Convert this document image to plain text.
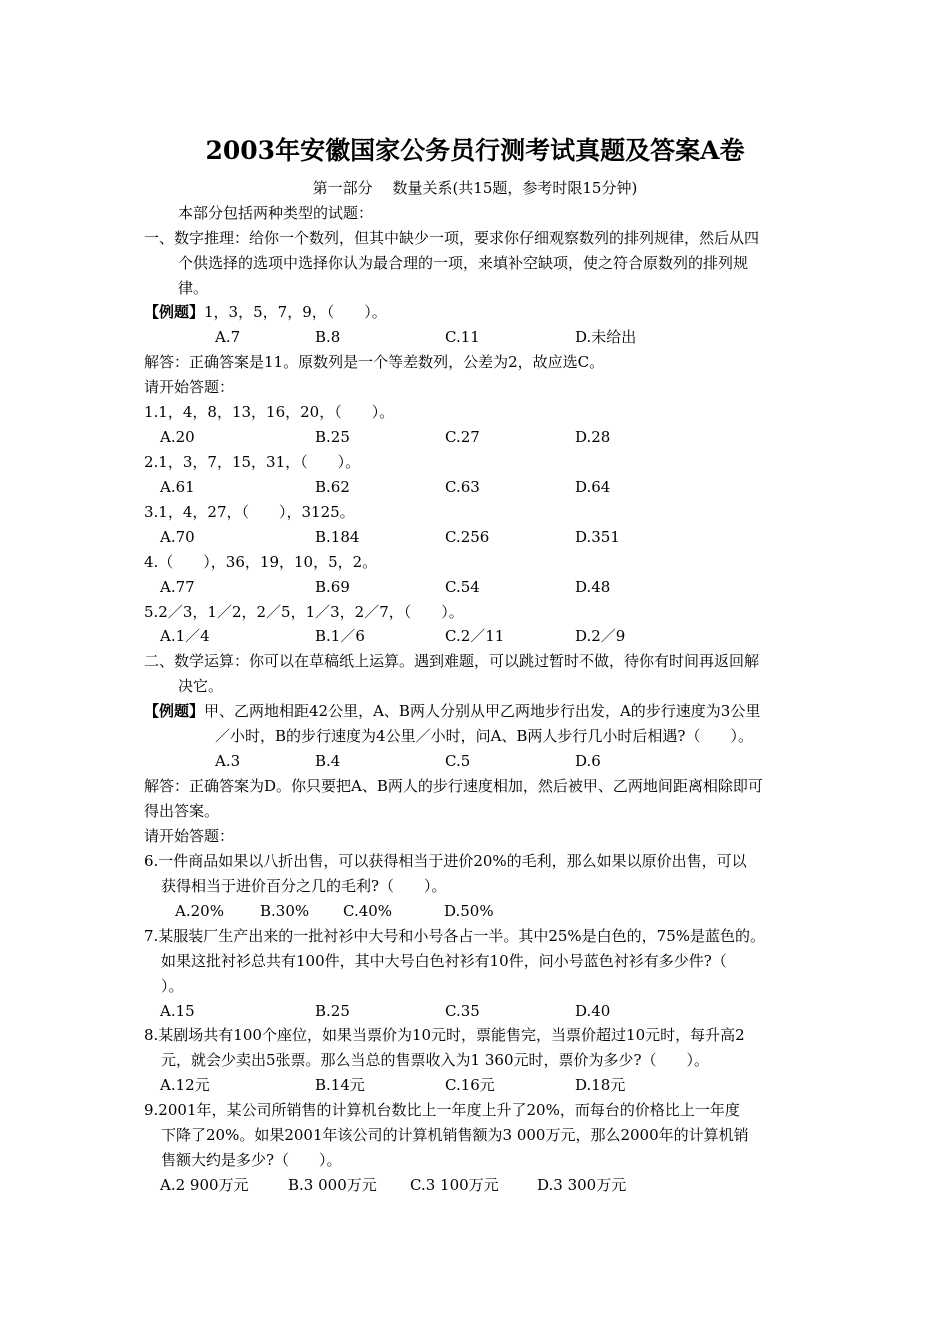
2003年安徽国家公务员行测考试真题及答案A卷
第一部分　 数量关系(共15题，参考时限15分钟)
本部分包括两种类型的试题：
一、数字推理：给你一个数列，但其中缺少一项，要求你仔细观察数列的排列规律，然后从四
个供选择的选项中选择你认为最合理的一项，来填补空缺项，使之符合原数列的排列规
律。
【例题】1，3，5，7，9，（　　）。
A.7	B.8	C.11	D.未给出
解答：正确答案是11。原数列是一个等差数列，公差为2，故应选C。
请开始答题：
1.1，4，8，13，16，20，（　　）。
A.20	B.25	C.27	D.28
2.1，3，7，15，31，（　　）。
A.61	B.62	C.63	D.64
3.1，4，27，（　　），3125。
A.70	B.184	C.256	D.351
4.（　　），36，19，10，5，2。
A.77	B.69	C.54	D.48
5.2／3，1／2，2／5，1／3，2／7，（　　）。
A.1／4	B.1／6	C.2／11	D.2／9
二、数学运算：你可以在草稿纸上运算。遇到难题，可以跳过暂时不做，待你有时间再返回解
决它。
【例题】甲、乙两地相距42公里，A、B两人分别从甲乙两地步行出发，A的步行速度为3公里
／小时，B的步行速度为4公里／小时，问A、B两人步行几小时后相遇?（　　）。
A.3	B.4	C.5	D.6
解答：正确答案为D。你只要把A、B两人的步行速度相加，然后被甲、乙两地间距离相除即可
得出答案。
请开始答题：
6.一件商品如果以八折出售，可以获得相当于进价20%的毛利，那么如果以原价出售，可以
获得相当于进价百分之几的毛利?（　　）。
A.20% B.30% C.40%	D.50%
7.某服装厂生产出来的一批衬衫中大号和小号各占一半。其中25%是白色的，75%是蓝色的。
如果这批衬衫总共有100件，其中大号白色衬衫有10件，问小号蓝色衬衫有多少件?（
）。
A.15	B.25	C.35	D.40
8.某剧场共有100个座位，如果当票价为10元时，票能售完，当票价超过10元时，每升高2
元，就会少卖出5张票。那么当总的售票收入为1 360元时，票价为多少?（　　）。
A.12元	B.14元	C.16元	D.18元
9.2001年，某公司所销售的计算机台数比上一年度上升了20%，而每台的价格比上一年度
下降了20%。如果2001年该公司的计算机销售额为3 000万元，那么2000年的计算机销
售额大约是多少?（　　）。
A.2 900万元	B.3 000万元 C.3 100万元	D.3 300万元
